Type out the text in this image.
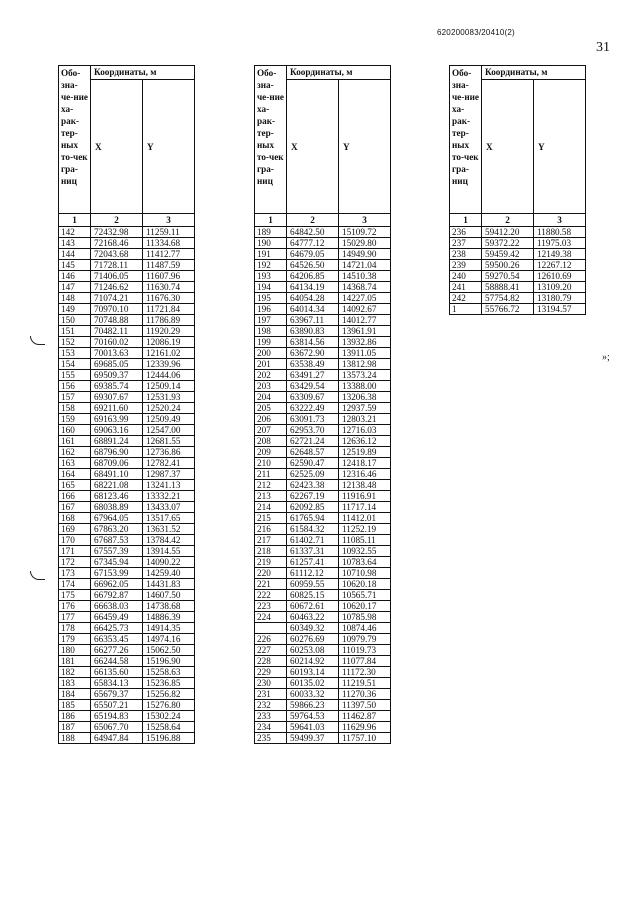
620200083/20410(2)
31
Обо-зна-че-ние ха-рак-тер-ных то-чек гра-ниц	Координаты, м	
	X	Y
1	2	3
142	72432.98	11259.11
143	72168.46	11334.68
144	72043.68	11412.77
145	71728.11	11487.59
146	71406.05	11607.96
147	71246.62	11630.74
148	71074.21	11676.30
149	70970.10	11721.84
150	70748.88	11786.89
151	70482.11	11920.29
152	70160.02	12086.19
153	70013.63	12161.02
154	69685.05	12339.96
155	69509.37	12444.06
156	69385.74	12509.14
157	69307.67	12531.93
158	69211.60	12520.24
159	69163.99	12509.49
160	69063.16	12547.00
161	68891.24	12681.55
162	68796.90	12736.86
163	68709.06	12782.41
164	68491.10	12987.37
165	68221.08	13241.13
166	68123.46	13332.21
167	68038.89	13433.07
168	67964.05	13517.65
169	67863.20	13631.52
170	67687.53	13784.42
171	67557.39	13914.55
172	67345.94	14090.22
173	67153.99	14259.40
174	66962.05	14431.83
175	66792.87	14607.50
176	66638.03	14738.68
177	66459.49	14886.39
178	66425.73	14914.35
179	66353.45	14974.16
180	66277.26	15062.50
181	66244.58	15196.90
182	66135.60	15258.63
183	65834.13	15236.85
184	65679.37	15256.82
185	65507.21	15276.80
186	65194.83	15302.24
187	65067.70	15258.64
188	64947.84	15196.88
Обо-зна-че-ние ха-рак-тер-ных то-чек гра-ниц	Координаты, м	
	X	Y
1	2	3
189	64842.50	15109.72
190	64777.12	15029.80
191	64679.05	14949.90
192	64526.50	14721.04
193	64206.85	14510.38
194	64134.19	14368.74
195	64054.28	14227.05
196	64014.34	14092.67
197	63967.11	14012.77
198	63890.83	13961.91
199	63814.56	13932.86
200	63672.90	13911.05
201	63538.49	13812.98
202	63491.27	13573.24
203	63429.54	13388.00
204	63309.67	13206.38
205	63222.49	12937.59
206	63091.73	12803.21
207	62953.70	12716.03
208	62721.24	12636.12
209	62648.57	12519.89
210	62590.47	12418.17
211	62525.09	12316.46
212	62423.38	12138.48
213	62267.19	11916.91
214	62092.85	11717.14
215	61765.94	11412.01
216	61584.32	11252.19
217	61402.71	11085.11
218	61337.31	10932.55
219	61257.41	10783.64
220	61112.12	10710.98
221	60959.55	10620.18
222	60825.15	10565.71
223	60672.61	10620.17
224	60463.22	10785.98
	60349.32	10874.46
226	60276.69	10979.79
227	60253.08	11019.73
228	60214.92	11077.84
229	60193.14	11172.30
230	60135.02	11219.51
231	60033.32	11270.36
232	59866.23	11397.50
233	59764.53	11462.87
234	59641.03	11629.96
235	59499.37	11757.10
Обо-зна-че-ние ха-рак-тер-ных то-чек гра-ниц	Координаты, м	
	X	Y
1	2	3
236	59412.20	11880.58
237	59372.22	11975.03
238	59459.42	12149.38
239	59500.26	12267.12
240	59270.54	12610.69
241	58888.41	13109.20
242	57754.82	13180.79
1	55766.72	13194.57
»;
